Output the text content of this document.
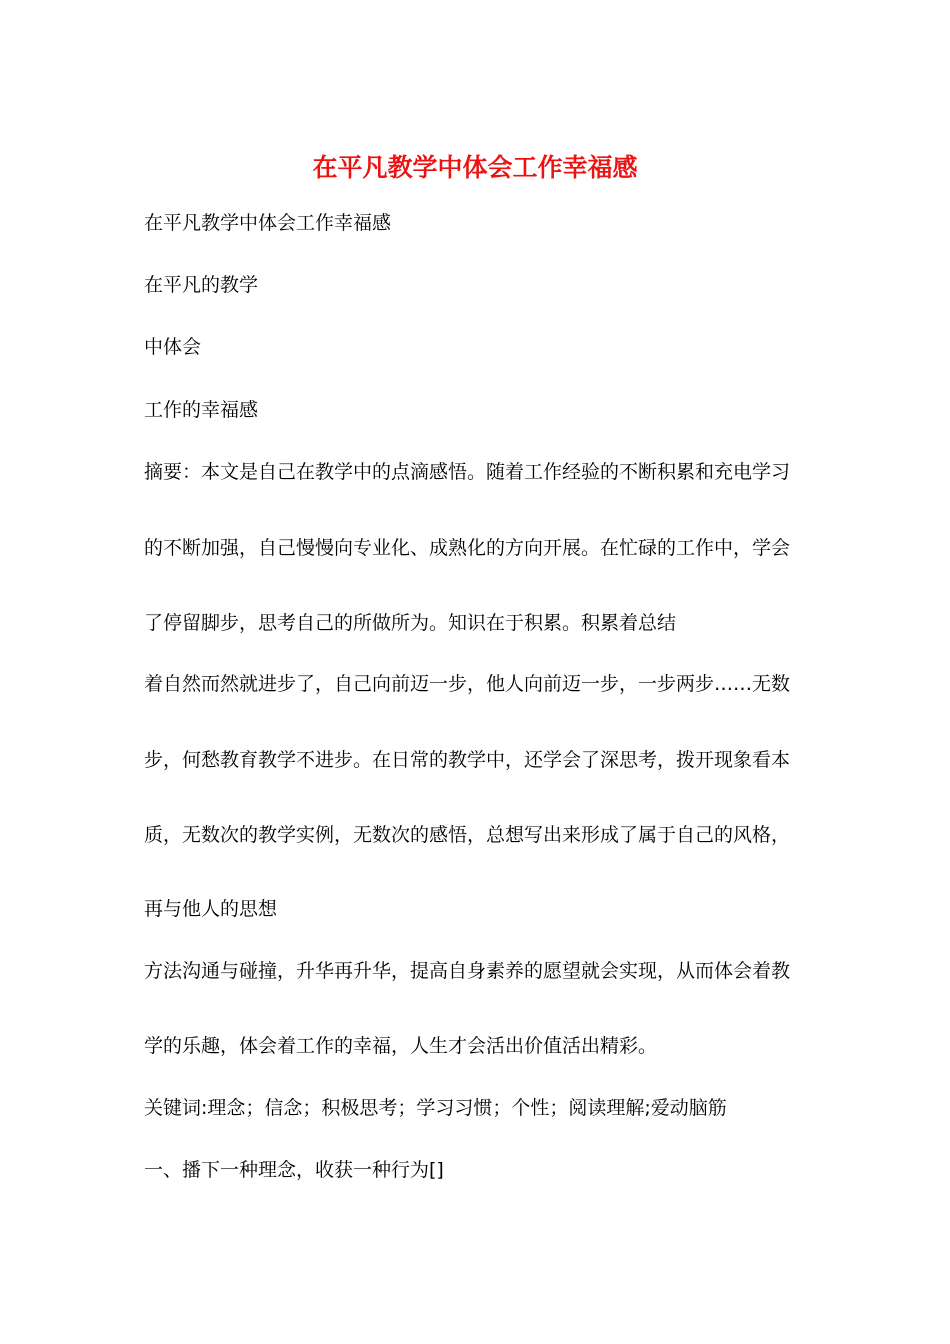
在平凡教学中体会工作幸福感
在平凡教学中体会工作幸福感
在平凡的教学
中体会
工作的幸福感
摘要：本文是自己在教学中的点滴感悟。随着工作经验的不断积累和充电学习
的不断加强，自己慢慢向专业化、成熟化的方向开展。在忙碌的工作中，学会
了停留脚步，思考自己的所做所为。知识在于积累。积累着总结
着自然而然就进步了，自己向前迈一步，他人向前迈一步，一步两步……无数
步，何愁教育教学不进步。在日常的教学中，还学会了深思考，拨开现象看本
质，无数次的教学实例，无数次的感悟，总想写出来形成了属于自己的风格，
再与他人的思想
方法沟通与碰撞，升华再升华，提高自身素养的愿望就会实现，从而体会着教
学的乐趣，体会着工作的幸福，人生才会活出价值活出精彩。
关键词:理念；信念；积极思考；学习习惯；个性；阅读理解;爱动脑筋
一、播下一种理念，收获一种行为[]
